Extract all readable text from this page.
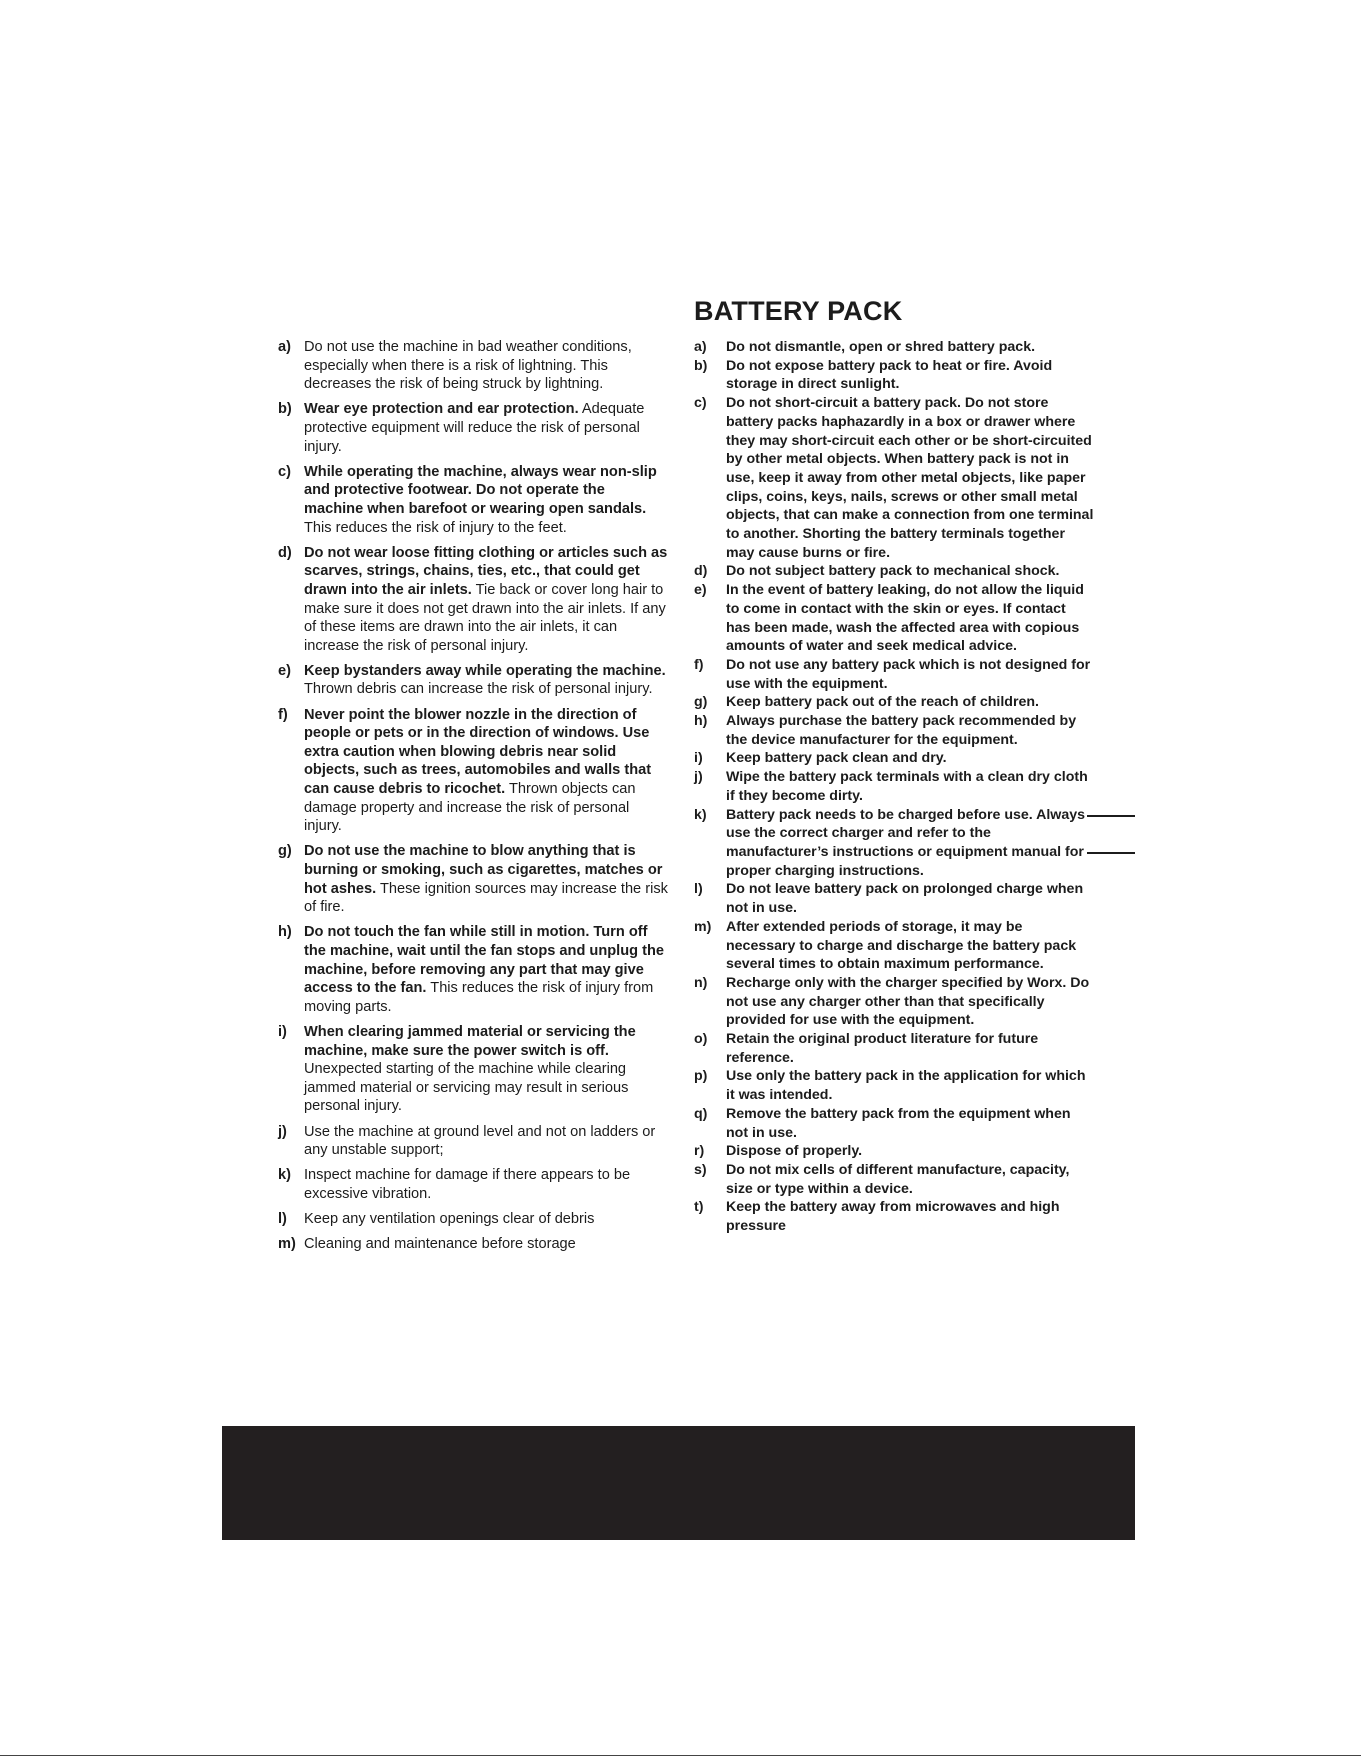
a) Do not use the machine in bad weather conditions, especially when there is a risk of lightning. This decreases the risk of being struck by lightning.
b) Wear eye protection and ear protection. Adequate protective equipment will reduce the risk of personal injury.
c) While operating the machine, always wear non-slip and protective footwear. Do not operate the machine when barefoot or wearing open sandals. This reduces the risk of injury to the feet.
d) Do not wear loose fitting clothing or articles such as scarves, strings, chains, ties, etc., that could get drawn into the air inlets. Tie back or cover long hair to make sure it does not get drawn into the air inlets. If any of these items are drawn into the air inlets, it can increase the risk of personal injury.
e) Keep bystanders away while operating the machine. Thrown debris can increase the risk of personal injury.
f)	Never point the blower nozzle in the direction of people or pets or in the direction of windows. Use extra caution when blowing debris near solid objects, such as trees, automobiles and walls that can cause debris to ricochet. Thrown objects can damage property and increase the risk of personal injury.
g) Do not use the machine to blow anything that is burning or smoking, such as cigarettes, matches or hot ashes. These ignition sources may increase the risk of fire.
h) Do not touch the fan while still in motion. Turn off the machine, wait until the fan stops and unplug the machine, before removing any part that may give access to the fan. This reduces the risk of injury from moving parts.
i)	When clearing jammed material or servicing the machine, make sure the power switch is off. Unexpected starting of the machine while clearing jammed material or servicing may result in serious personal injury.
j)	Use the machine at ground level and not on ladders or any unstable support;
k) Inspect machine for damage if there appears to be excessive vibration.
l)	Keep any ventilation openings clear of debris
m) Cleaning and maintenance before storage
BATTERY PACK
a)	Do not dismantle, open or shred battery pack.
b)	Do not expose battery pack to heat or fire. Avoid storage in direct sunlight.
c)	Do not short-circuit a battery pack. Do not store battery packs haphazardly in a box or drawer where they may short-circuit each other or be short-circuited by other metal objects. When battery pack is not in use, keep it away from other metal objects, like paper clips, coins, keys, nails, screws or other small metal objects, that can make a connection from one terminal to another. Shorting the battery terminals together may cause burns or fire.
d)	Do not subject battery pack to mechanical shock.
e)	In the event of battery leaking, do not allow the liquid to come in contact with the skin or eyes. If contact has been made, wash the affected area with copious amounts of water and seek medical advice.
f)	Do not use any battery pack which is not designed for use with the equipment.
g)	Keep battery pack out of the reach of children.
h)	Always purchase the battery pack recommended by the device manufacturer for the equipment.
i)	Keep battery pack clean and dry.
j)	Wipe the battery pack terminals with a clean dry cloth if they become dirty.
k)	Battery pack needs to be charged before use. Always use the correct charger and refer to the manufacturer’s instructions or equipment manual for proper charging instructions.
l)	Do not leave battery pack on prolonged charge when not in use.
m)	After extended periods of storage, it may be necessary to charge and discharge the battery pack several times to obtain maximum performance.
n)	Recharge only with the charger specified by Worx. Do not use any charger other than that specifically provided for use with the equipment.
o)	Retain the original product literature for future reference.
p)	Use only the battery pack in the application for which it was intended.
q)	Remove the battery pack from the equipment when not in use.
r)	Dispose of properly.
s)	Do not mix cells of different manufacture, capacity, size or type within a device.
t)	Keep the battery away from microwaves and high pressure
